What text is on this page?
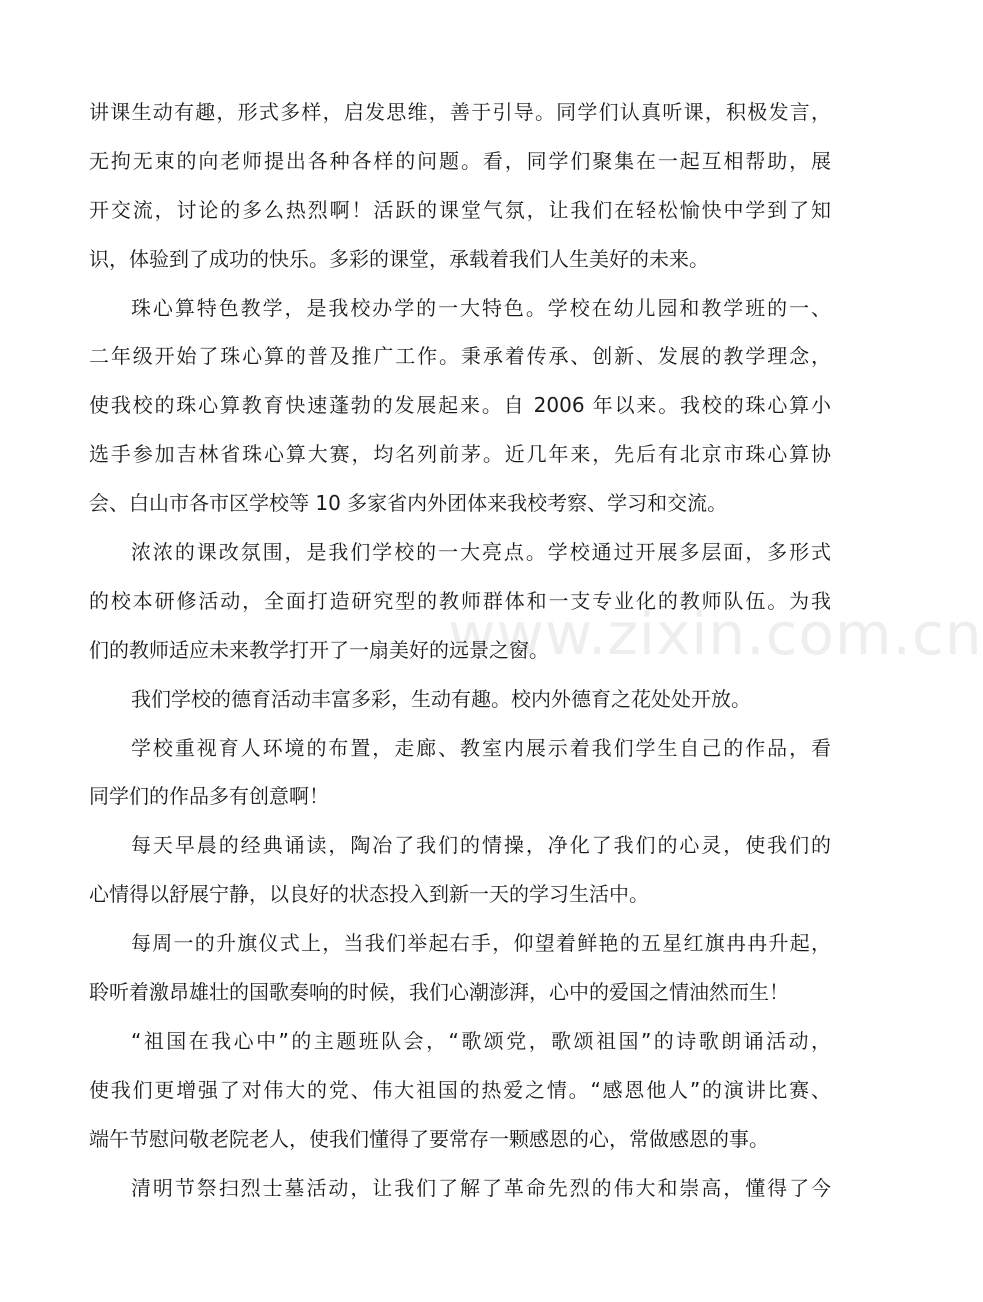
www.zixin.com.cn
讲课生动有趣，形式多样，启发思维，善于引导。同学们认真听课，积极发言，
无拘无束的向老师提出各种各样的问题。看，同学们聚集在一起互相帮助，展
开交流，讨论的多么热烈啊！活跃的课堂气氛，让我们在轻松愉快中学到了知
识，体验到了成功的快乐。多彩的课堂，承载着我们人生美好的未来。
珠心算特色教学，是我校办学的一大特色。学校在幼儿园和教学班的一、
二年级开始了珠心算的普及推广工作。秉承着传承、创新、发展的教学理念，
使我校的珠心算教育快速蓬勃的发展起来。自 2006 年以来。我校的珠心算小
选手参加吉林省珠心算大赛，均名列前茅。近几年来，先后有北京市珠心算协
会、白山市各市区学校等 10 多家省内外团体来我校考察、学习和交流。
浓浓的课改氛围，是我们学校的一大亮点。学校通过开展多层面，多形式
的校本研修活动，全面打造研究型的教师群体和一支专业化的教师队伍。为我
们的教师适应未来教学打开了一扇美好的远景之窗。
我们学校的德育活动丰富多彩，生动有趣。校内外德育之花处处开放。
学校重视育人环境的布置，走廊、教室内展示着我们学生自己的作品，看
同学们的作品多有创意啊！
每天早晨的经典诵读，陶冶了我们的情操，净化了我们的心灵，使我们的
心情得以舒展宁静，以良好的状态投入到新一天的学习生活中。
每周一的升旗仪式上，当我们举起右手，仰望着鲜艳的五星红旗冉冉升起，
聆听着激昂雄壮的国歌奏响的时候，我们心潮澎湃，心中的爱国之情油然而生！
“祖国在我心中”的主题班队会，“歌颂党，歌颂祖国”的诗歌朗诵活动，
使我们更增强了对伟大的党、伟大祖国的热爱之情。“感恩他人”的演讲比赛、
端午节慰问敬老院老人，使我们懂得了要常存一颗感恩的心，常做感恩的事。
清明节祭扫烈士墓活动，让我们了解了革命先烈的伟大和崇高，懂得了今
